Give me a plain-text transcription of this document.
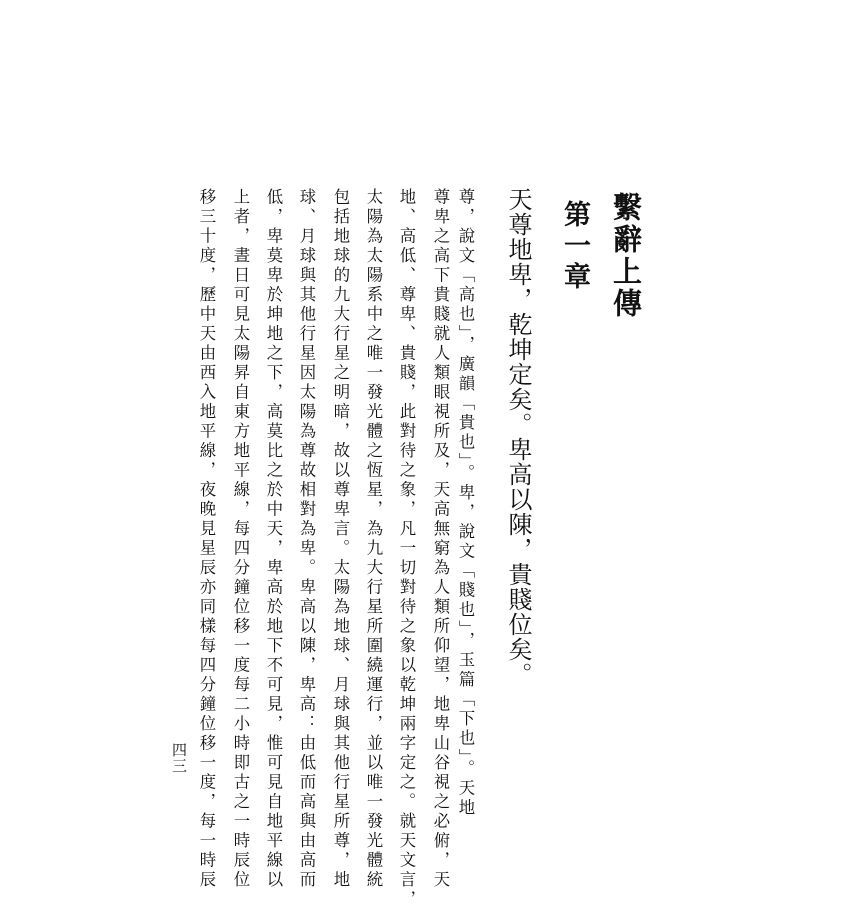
繫辭上傳
第一章
天尊地卑，乾坤定矣。卑高以陳，貴賤位矣。
尊，說文「高也」，廣韻「貴也」。卑，說文「賤也」，玉篇「下也」。天地
尊卑之高下貴賤就人類眼視所及，天高無窮為人類所仰望，地卑山谷視之必俯，天
地、高低、尊卑、貴賤，此對待之象，凡一切對待之象以乾坤兩字定之。就天文言，
太陽為太陽系中之唯一發光體之恆星，為九大行星所圍繞運行，並以唯一發光體統
包括地球的九大行星之明暗，故以尊卑言。太陽為地球、月球與其他行星所尊，地
球、月球與其他行星因太陽為尊故相對為卑。卑高以陳，卑高：由低而高與由高而
低，卑莫卑於坤地之下，高莫比之於中天，卑高於地下不可見，惟可見自地平線以
上者，晝日可見太陽昇自東方地平線，每四分鐘位移一度每二小時即古之一時辰位
移三十度，歷中天由西入地平線，夜晚見星辰亦同樣每四分鐘位移一度，每一時辰
四三
